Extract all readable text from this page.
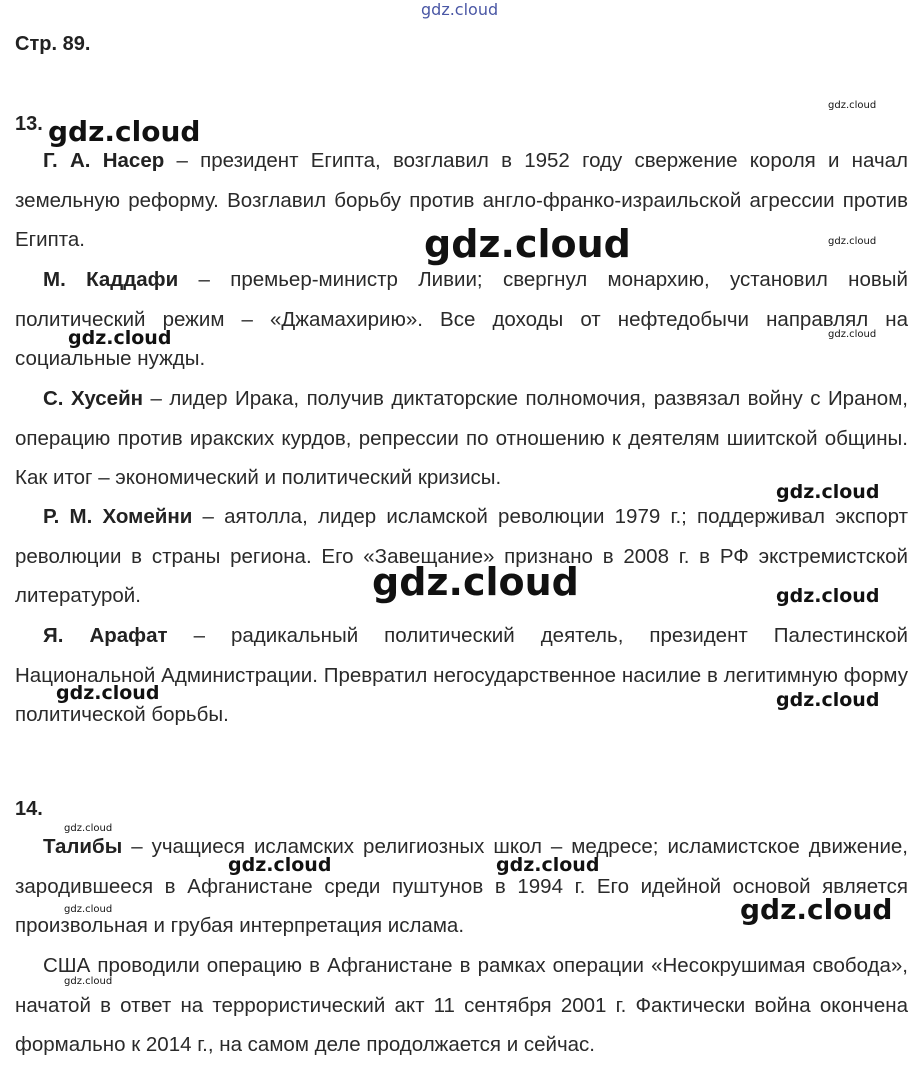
gdz.cloud

Стр. 89.

13.

Г. А. Насер – президент Египта, возглавил в 1952 году свержение короля и начал земельную реформу. Возглавил борьбу против англо-франко-израильской агрессии против Египта.

М. Каддафи – премьер-министр Ливии; свергнул монархию, установил новый политический режим – «Джамахирию». Все доходы от нефтедобычи направлял на социальные нужды.

С. Хусейн – лидер Ирака, получив диктаторские полномочия, развязал войну с Ираном, операцию против иракских курдов, репрессии по отношению к деятелям шиитской общины. Как итог – экономический и политический кризисы.

Р. М. Хомейни – аятолла, лидер исламской революции 1979 г.; поддерживал экспорт революции в страны региона. Его «Завещание» признано в 2008 г. в РФ экстремистской литературой.

Я. Арафат – радикальный политический деятель, президент Палестинской Национальной Администрации. Превратил негосударственное насилие в легитимную форму политической борьбы.

14.

Талибы – учащиеся исламских религиозных школ – медресе; исламистское движение, зародившееся в Афганистане среди пуштунов в 1994 г. Его идейной основой является произвольная и грубая интерпретация ислама.

США проводили операцию в Афганистане в рамках операции «Несокрушимая свобода», начатой в ответ на террористический акт 11 сентября 2001 г. Фактически война окончена формально к 2014 г., на самом деле продолжается и сейчас.

gdz.cloud
gdz.cloud
gdz.cloud	gdz.cloud
gdz.cloud	gdz.cloud
gdz.cloud
gdz.cloud	gdz.cloud
gdz.cloud	gdz.cloud
gdz.cloud
gdz.cloud	gdz.cloud
gdz.cloud
gdz.cloud
gdz.cloud
